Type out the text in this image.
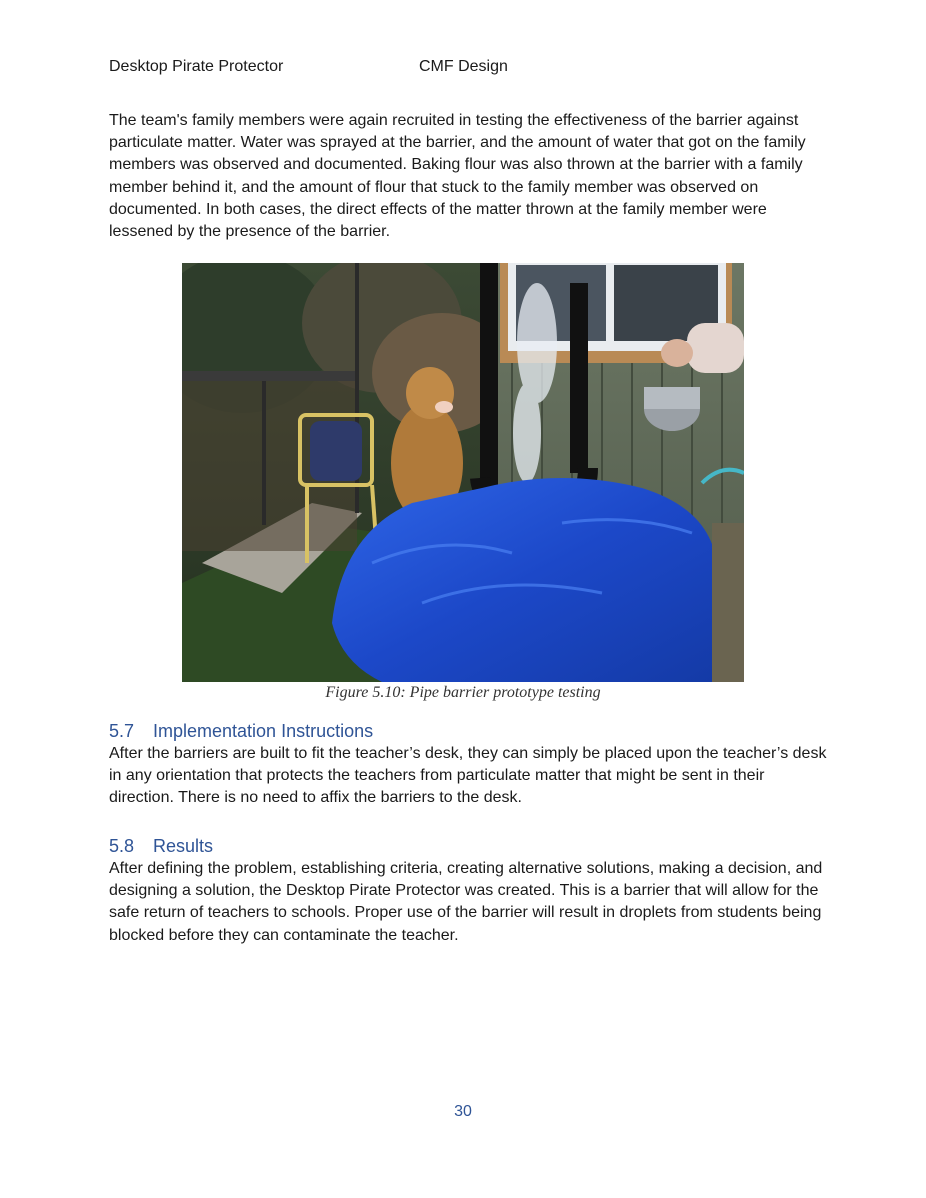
Desktop Pirate Protector	CMF Design

The team's family members were again recruited in testing the effectiveness of the barrier against particulate matter. Water was sprayed at the barrier, and the amount of water that got on the family members was observed and documented. Baking flour was also thrown at the barrier with a family member behind it, and the amount of flour that stuck to the family member was observed on documented. In both cases, the direct effects of the matter thrown at the family member were lessened by the presence of the barrier.

Figure 5.10: Pipe barrier prototype testing
5.7 Implementation Instructions

After the barriers are built to fit the teacher’s desk, they can simply be placed upon the teacher’s desk in any orientation that protects the teachers from particulate matter that might be sent in their direction. There is no need to affix the barriers to the desk.

5.8 Results

After defining the problem, establishing criteria, creating alternative solutions, making a decision, and designing a solution, the Desktop Pirate Protector was created. This is a barrier that will allow for the safe return of teachers to schools. Proper use of the barrier will result in droplets from students being blocked before they can contaminate the teacher.

30
